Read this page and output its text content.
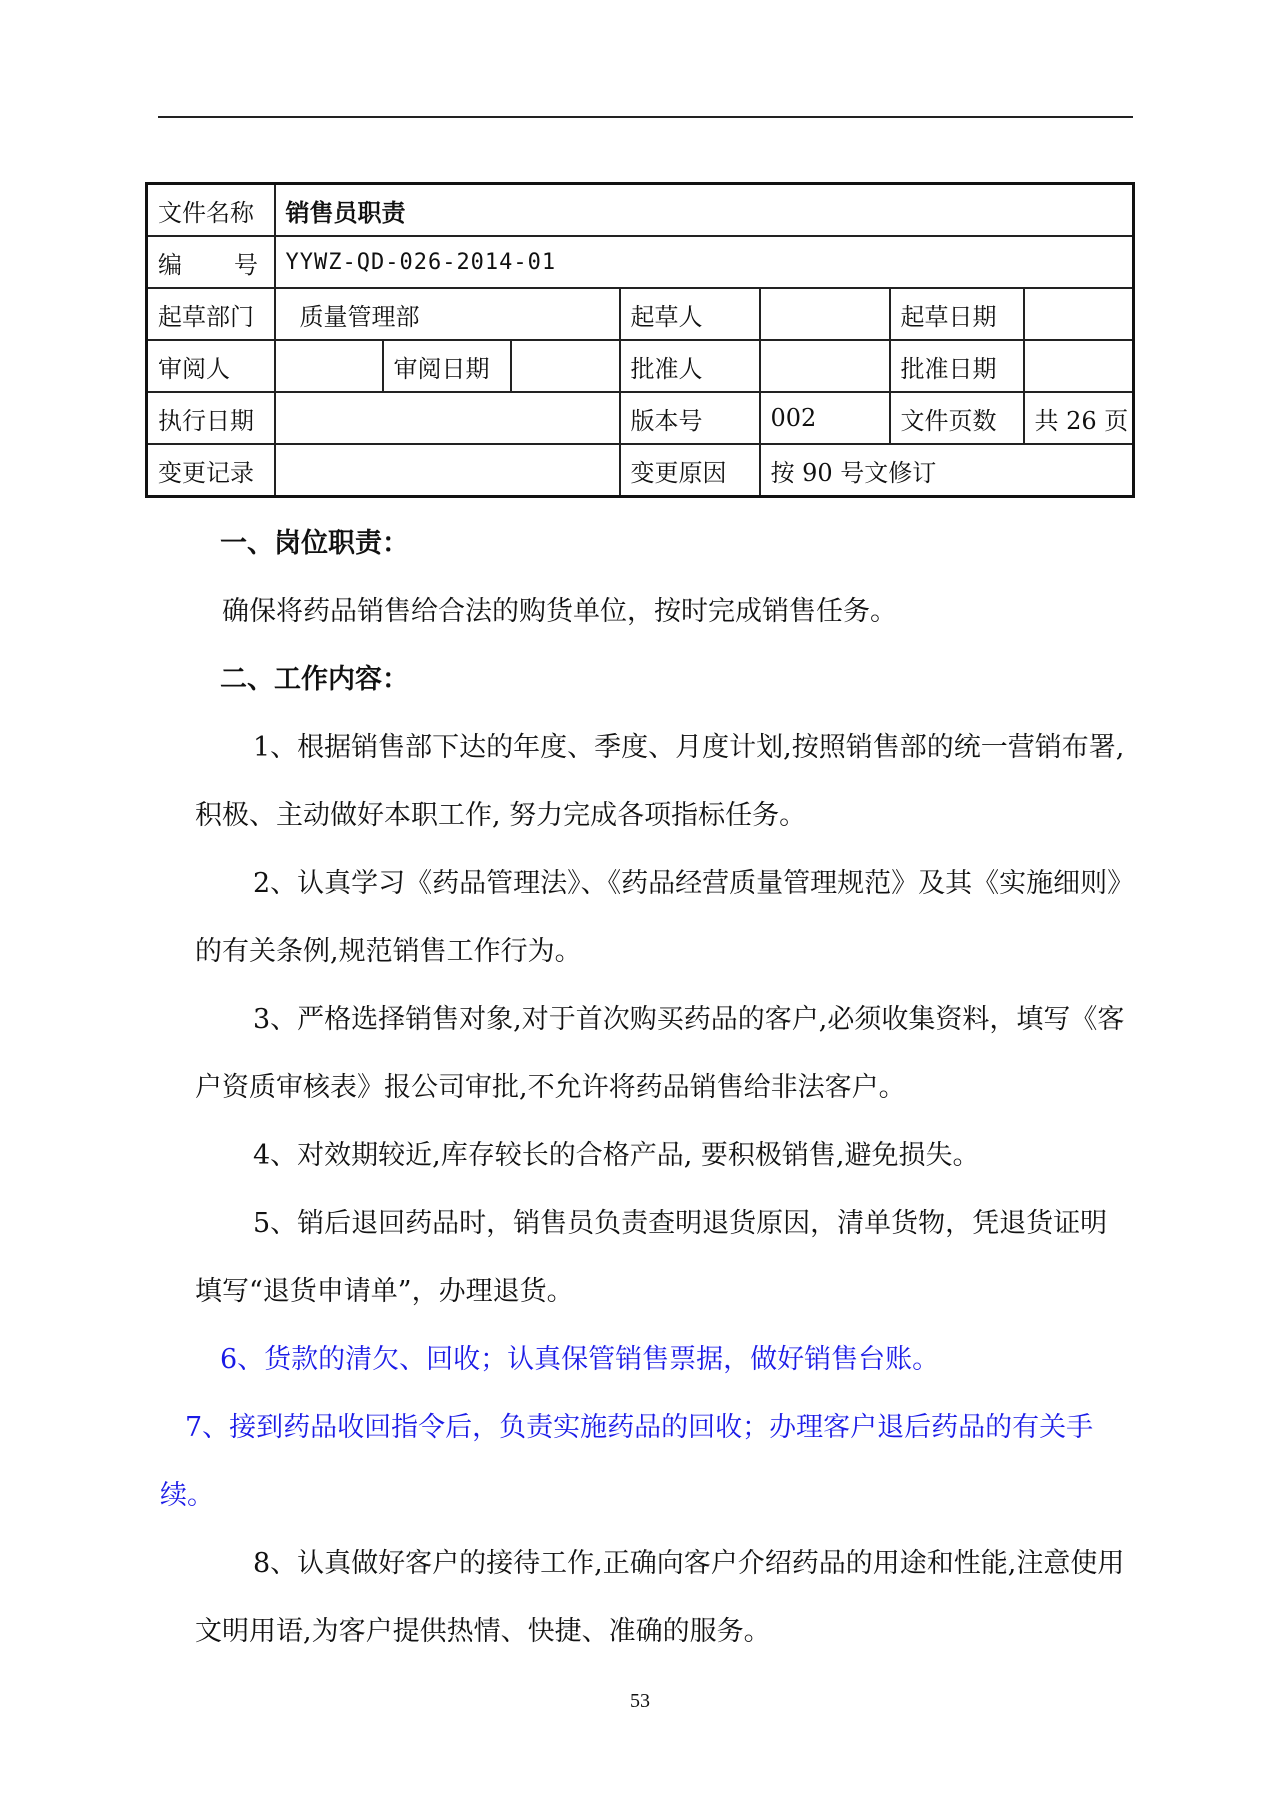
文件名称	销售员职责						

编 号	YYWZ-QD-026-2014-01						
起草部门	质量管理部			起草人		起草日期	
审阅人		审阅日期		批准人		批准日期	
执行日期				版本号	002	文件页数	共 26 页
变更记录				变更原因	按 90 号文修订		

一、岗位职责：

确保将药品销售给合法的购货单位，按时完成销售任务。

二、工作内容：

1、根据销售部下达的年度、季度、月度计划,按照销售部的统一营销布署,积极、主动做好本职工作, 努力完成各项指标任务。

2、认真学习《药品管理法》、《药品经营质量管理规范》及其《实施细则》的有关条例,规范销售工作行为。

3、严格选择销售对象,对于首次购买药品的客户,必须收集资料，填写《客户资质审核表》报公司审批,不允许将药品销售给非法客户。

4、对效期较近,库存较长的合格产品, 要积极销售,避免损失。

5、销后退回药品时，销售员负责查明退货原因，清单货物，凭退货证明填写“退货申请单”，办理退货。

6、货款的清欠、回收；认真保管销售票据，做好销售台账。

7、接到药品收回指令后，负责实施药品的回收；办理客户退后药品的有关手续。

8、认真做好客户的接待工作,正确向客户介绍药品的用途和性能,注意使用文明用语,为客户提供热情、快捷、准确的服务。

53
